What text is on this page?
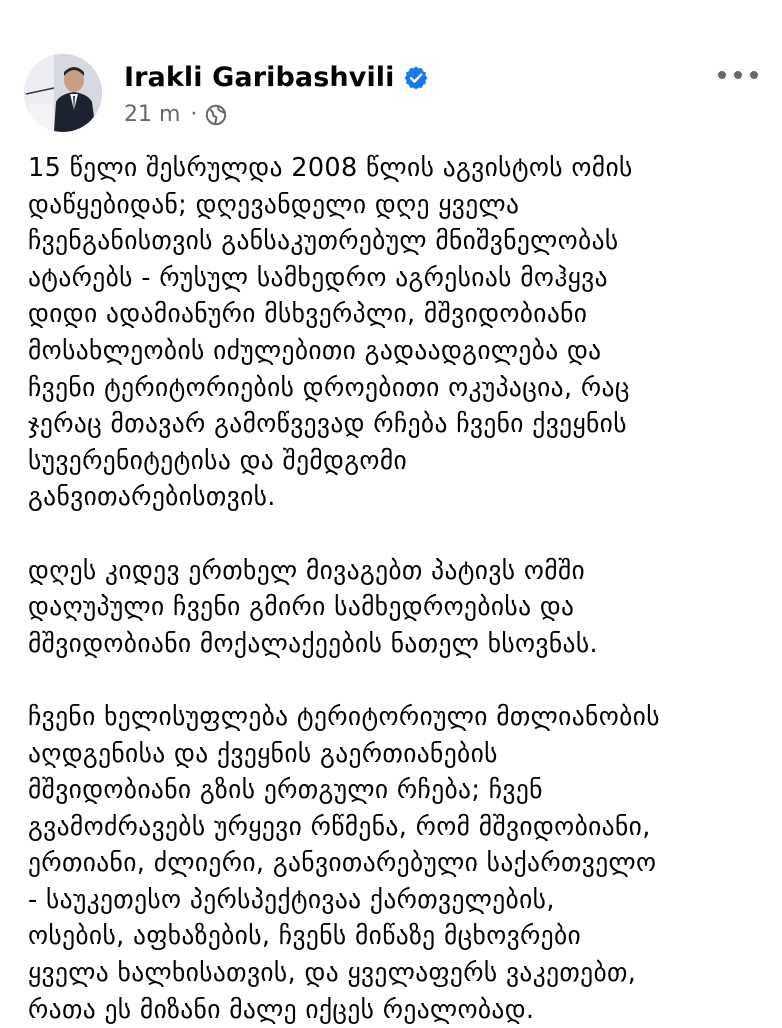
Irakli Garibashvili
21 m ·

15 წელი შესრულდა 2008 წლის აგვისტოს ომის
დაწყებიდან; დღევანდელი დღე ყველა
ჩვენგანისთვის განსაკუთრებულ მნიშვნელობას
ატარებს - რუსულ სამხედრო აგრესიას მოჰყვა
დიდი ადამიანური მსხვერპლი, მშვიდობიანი
მოსახლეობის იძულებითი გადაადგილება და
ჩვენი ტერიტორიების დროებითი ოკუპაცია, რაც
ჯერაც მთავარ გამოწვევად რჩება ჩვენი ქვეყნის
სუვერენიტეტისა და შემდგომი
განვითარებისთვის.

დღეს კიდევ ერთხელ მივაგებთ პატივს ომში
დაღუპული ჩვენი გმირი სამხედროებისა და
მშვიდობიანი მოქალაქეების ნათელ ხსოვნას.

ჩვენი ხელისუფლება ტერიტორიული მთლიანობის
აღდგენისა და ქვეყნის გაერთიანების
მშვიდობიანი გზის ერთგული რჩება; ჩვენ
გვამოძრავებს ურყევი რწმენა, რომ მშვიდობიანი,
ერთიანი, ძლიერი, განვითარებული საქართველო
- საუკეთესო პერსპექტივაა ქართველების,
ოსების, აფხაზების, ჩვენს მიწაზე მცხოვრები
ყველა ხალხისათვის, და ყველაფერს ვაკეთებთ,
რათა ეს მიზანი მალე იქცეს რეალობად.
